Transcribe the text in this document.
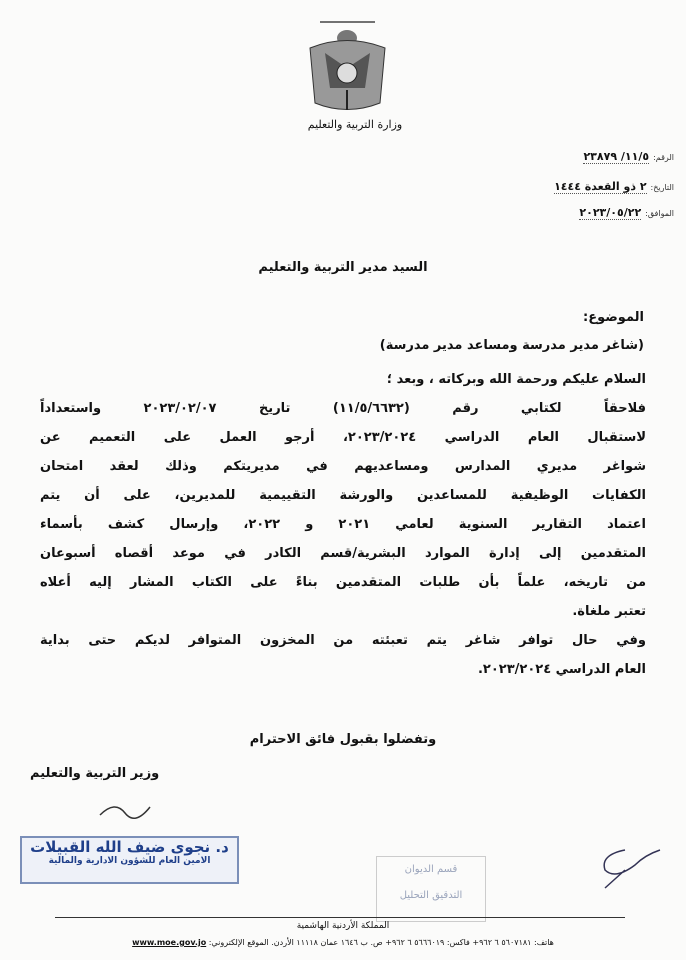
وزارة التربية والتعليم
الرقم:١١/٥/ ٢٣٨٧٩
التاريخ:٢ ذو القعدة ١٤٤٤
الموافق:٢٠٢٣/٠٥/٢٢
السيد مدير التربية والتعليم
الموضوع:
(شاغر مدير مدرسة ومساعد مدير مدرسة)
السلام عليكم ورحمة الله وبركاته ، وبعد ؛
فلاحقاً لكتابي رقم (١١/٥/٦٦٣٢) تاريخ ٢٠٢٣/٠٢/٠٧ واستعداداً
لاستقبال العام الدراسي ٢٠٢٣/٢٠٢٤، أرجو العمل على التعميم عن
شواغر مديري المدارس ومساعديهم في مديريتكم وذلك لعقد امتحان
الكفايات الوظيفية للمساعدين والورشة التقييمية للمديرين، على أن يتم
اعتماد التقارير السنوية لعامي ٢٠٢١ و ٢٠٢٢، وإرسال كشف بأسماء
المتقدمين إلى إدارة الموارد البشرية/قسم الكادر في موعد أقصاه أسبوعان
من تاريخه، علماً بأن طلبات المتقدمين بناءً على الكتاب المشار إليه أعلاه
تعتبر ملغاة.
وفي حال توافر شاغر يتم تعبئته من المخزون المتوافر لديكم حتى بداية
العام الدراسي ٢٠٢٣/٢٠٢٤.
وتفضلوا بقبول فائق الاحترام
وزير التربية والتعليم
د. نجوى ضيف الله القبيلات
الامين العام للشؤون الادارية والمالية
قسم الديوان
التدقيق التحليل
المملكة الأردنية الهاشمية
هاتف: ٥٦٠٧١٨١ ٦ ٩٦٢+ فاكس: ٥٦٦٦٠١٩ ٦ ٩٦٢+ ص. ب ١٦٤٦ عمان ١١١١٨ الأردن. الموقع الإلكتروني: www.moe.gov.jo
